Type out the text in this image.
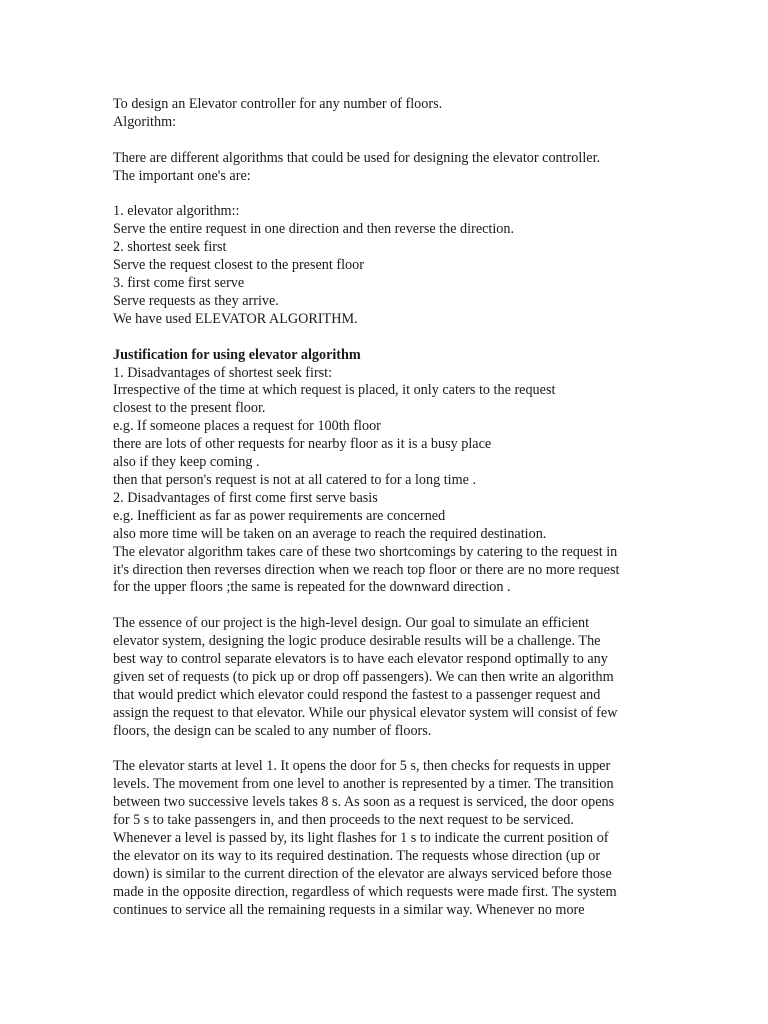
To design an Elevator controller for any number of floors.
Algorithm:
There are different algorithms that could be used for designing the elevator controller.
The important one's are:
1. elevator algorithm::
Serve the entire request in one direction and then reverse the direction.
2. shortest seek first
Serve the request closest to the present floor
3. first come first serve
Serve requests as they arrive.
We have used ELEVATOR ALGORITHM.
Justification for using elevator algorithm
1. Disadvantages of shortest seek first:
Irrespective of the time at which request is placed, it only caters to the request
closest to the present floor.
e.g. If someone places a request for 100th floor
there are lots of other requests for nearby floor as it is a busy place
also if they keep coming .
then that person's request is not at all catered to for a long time .
2. Disadvantages of first come first serve basis
e.g. Inefficient as far as power requirements are concerned
also more time will be taken on an average to reach the required destination.
The elevator algorithm takes care of these two shortcomings by catering to the request in
it's direction then reverses direction when we reach top floor or there are no more request
for the upper floors ;the same is repeated for the downward direction .
The essence of our project is the high-level design. Our goal to simulate an efficient
elevator system, designing the logic produce desirable results will be a challenge. The
best way to control separate elevators is to have each elevator respond optimally to any
given set of requests (to pick up or drop off passengers). We can then write an algorithm
that would predict which elevator could respond the fastest to a passenger request and
assign the request to that elevator. While our physical elevator system will consist of few
floors, the design can be scaled to any number of floors.
The elevator starts at level 1. It opens the door for 5 s, then checks for requests in upper
levels. The movement from one level to another is represented by a timer. The transition
between two successive levels takes 8 s. As soon as a request is serviced, the door opens
for 5 s to take passengers in, and then proceeds to the next request to be serviced.
Whenever a level is passed by, its light flashes for 1 s to indicate the current position of
the elevator on its way to its required destination. The requests whose direction (up or
down) is similar to the current direction of the elevator are always serviced before those
made in the opposite direction, regardless of which requests were made first. The system
continues to service all the remaining requests in a similar way. Whenever no more
